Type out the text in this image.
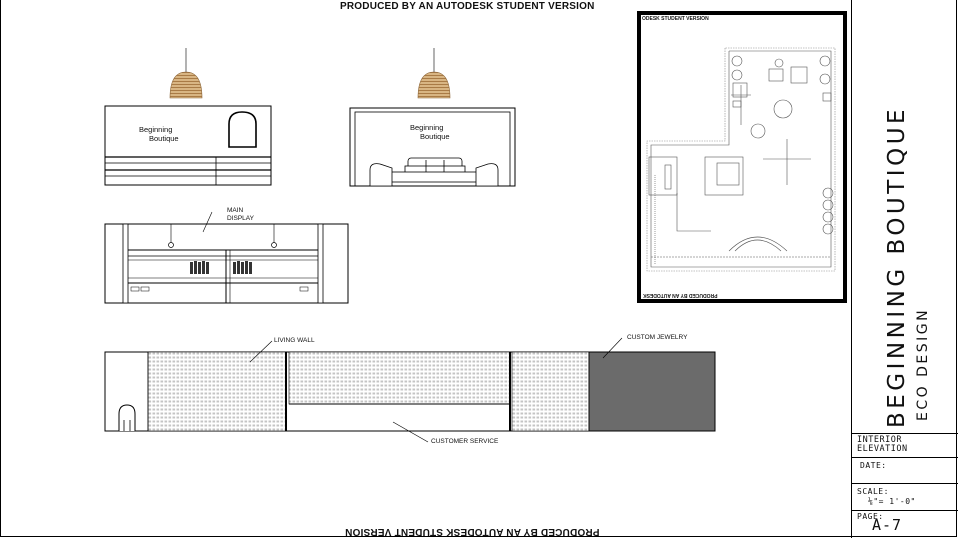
PRODUCED BY AN AUTODESK STUDENT VERSION
PRODUCED BY AN AUTODESK STUDENT VERSION
Beginning
Boutique
Beginning
Boutique
MAIN
DISPLAY
LIVING WALL	CUSTOM JEWELRY
CUSTOMER SERVICE
ODESK STUDENT VERSION
PRODUCED BY AN AUTODESK
INTERIOR
ELEVATION
DATE:
SCALE:
⅛"= 1'-0"
PAGE:
A-7
BEGINNING BOUTIQUE ECO DESIGN
